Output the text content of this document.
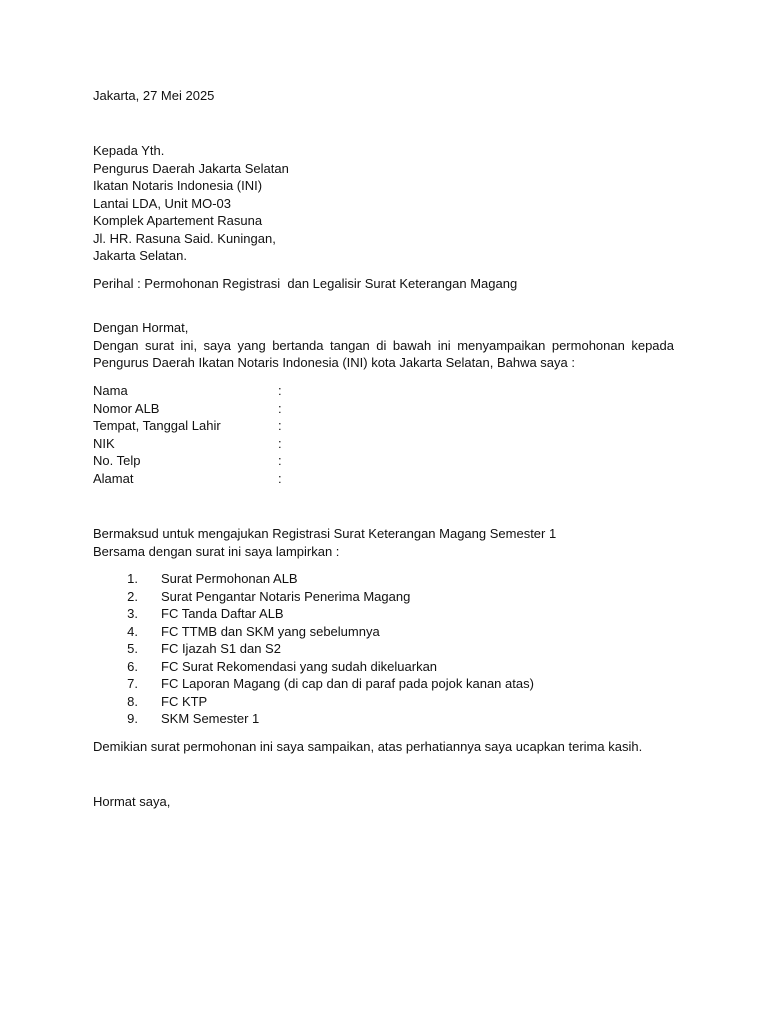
Jakarta, 27 Mei 2025
Kepada Yth.
Pengurus Daerah Jakarta Selatan
Ikatan Notaris Indonesia (INI)
Lantai LDA, Unit MO-03
Komplek Apartement Rasuna
Jl. HR. Rasuna Said. Kuningan,
Jakarta Selatan.
Perihal : Permohonan Registrasi  dan Legalisir Surat Keterangan Magang
Dengan Hormat,
Dengan surat ini, saya yang bertanda tangan di bawah ini menyampaikan permohonan kepada
Pengurus Daerah Ikatan Notaris Indonesia (INI) kota Jakarta Selatan, Bahwa saya :
Nama	:
Nomor ALB	:
Tempat, Tanggal Lahir	:
NIK	:
No. Telp	:
Alamat	:
Bermaksud untuk mengajukan Registrasi Surat Keterangan Magang Semester 1
Bersama dengan surat ini saya lampirkan :
1.	Surat Permohonan ALB
2.	Surat Pengantar Notaris Penerima Magang
3.	FC Tanda Daftar ALB
4.	FC TTMB dan SKM yang sebelumnya
5.	FC Ijazah S1 dan S2
6.	FC Surat Rekomendasi yang sudah dikeluarkan
7.	FC Laporan Magang (di cap dan di paraf pada pojok kanan atas)
8.	FC KTP
9.	SKM Semester 1
Demikian surat permohonan ini saya sampaikan, atas perhatiannya saya ucapkan terima kasih.
Hormat saya,
